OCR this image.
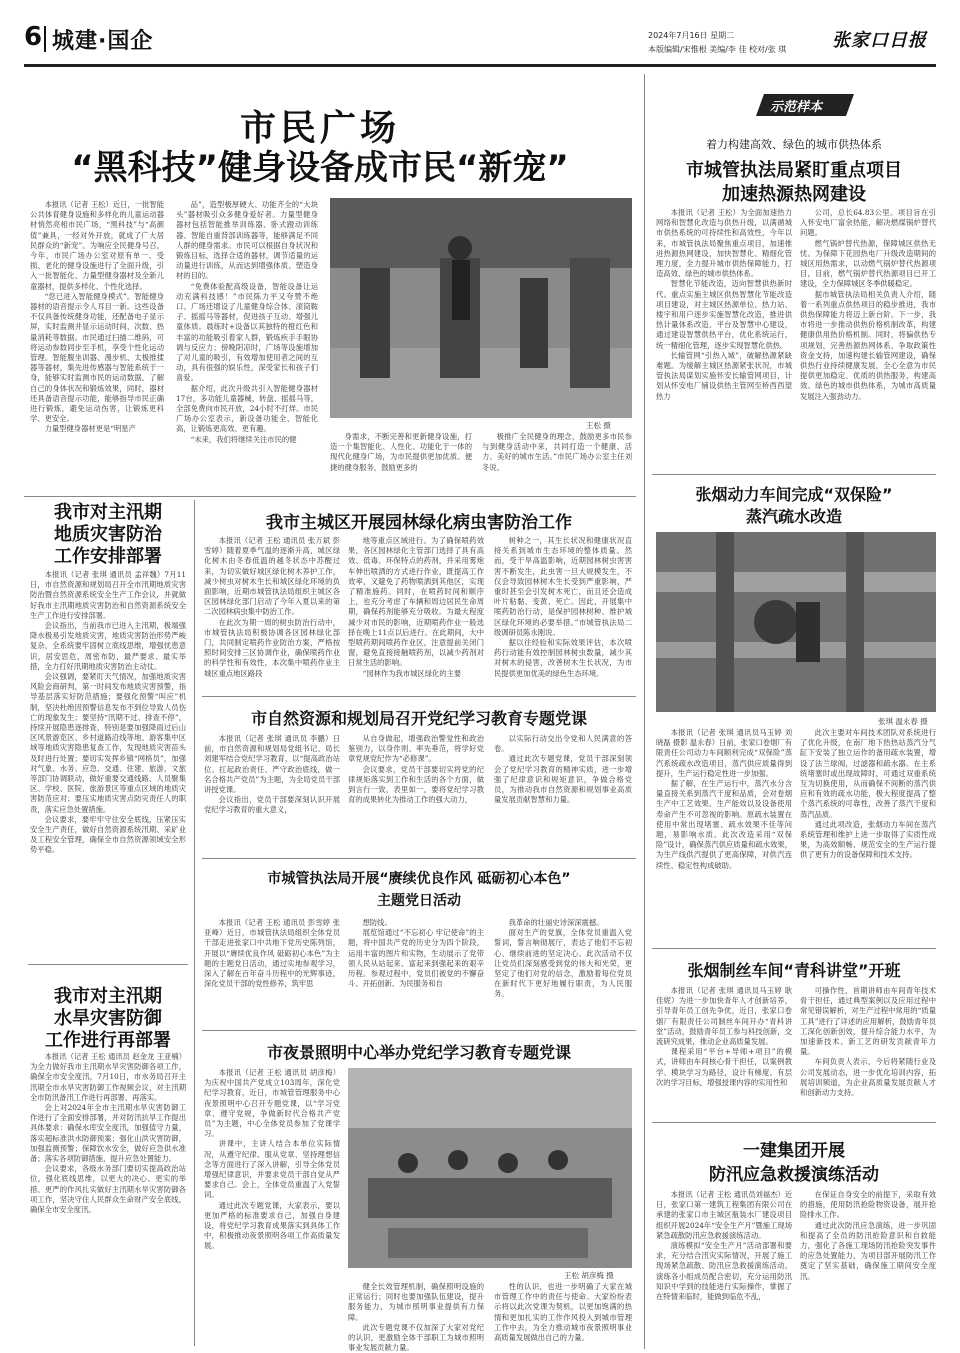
6 城建·国企	2024年7月16日 星期二
本版编辑/宋惟根 美编/李 佳 校对/张 琪	张家口日报
市民广场
“黑科技”健身设备成市民“新宠”

本报讯（记者 王松）近日，一批智能公共体育健身设施和多样化的儿童运动器材悄然亮相市民广场，“黑科技”与“高颜值”兼具，一经对外开放，就成了广大居民群众的“新宠”。为响应全民健身号召，今年，市民广场办公室对原有单一、受损、老化的健身设施进行了全面升级，引入一批智能化、力量型健身器材及全新儿童器材，提供多样化、个性化选择。

“您已进入智能健身模式”。智能健身器材的语音提示令人耳目一新。这些设备不仅具备传统健身功能，还配备电子显示屏，实时监测并显示运动时间、次数、热量消耗等数据。市民通过扫描二维码，可将运动参数同步至手机，享受个性化运动管理。智能腹坐训器、漫步机、太极推揉器等器材，集先进传感器与智能系统于一身，能够实时监测市民的运动数据，了解自己的身体状况和锻炼效果，同时，器材还具备语音提示功能，能够指导市民正确进行锻炼，避免运动伤害，让锻炼更科学、更安全。

力量型健身器材更是“明星产

品”，造型极厚硬大、功能齐全的“大块头”器材吸引众多健身爱好者。力量型健身器材包括智能推举训练器、卧式蹬动训练器、智能自重背部训练器等，能够满足不同人群的健身需求。市民可以根据自身状况和锻炼目标，选择合适的器材，调节适量的运动量进行训练，从而达到增强体质、塑造身材的目的。

“免费体验配高级设备，智能设备让运动充满科技感！”市民陈力平又夸赞不绝口。广场还增设了儿童健身综合体、滚筒鞍子、摇摇马等器材，促进孩子互动、增强儿童体质。晨练时+设备以其独特的橙红色和丰富的功能吸引着家人群，锻炼疾手手眼协调与反应力；傍晚阴凉时，广场等设施增加了对儿童的吸引，有效增加使用者之间的互动，具有很强的娱乐性，深受家长和孩子们喜爱。

据介绍，此次升级共引入智能健身器材17台，多功能儿童器械、转盘、摇摇马等，全部免费向市民开放，24小时不打烊。市民广场办公室表示，新设备功能全、智能化高，让锻炼更高效、更有趣。

“未来，我们将继续关注市民的健

王松 摄

身需求，不断完善和更新健身设施，打造一个集智能化、人性化、功能化于一体的现代化健身广场，为市民提供更加优质、便捷的健身服务，鼓励更多的

极推广全民健身的理念，鼓励更多市民参与到健身活动中来，共同打造一个健康、活力、美好的城市生活。”市民广场办公室主任刘冬说。

示范样本
着力构建高效、绿色的城市供热体系
市城管执法局紧盯重点项目
加速热源热网建设

本报讯（记者 王松）为全面加速热力网络和智慧化改造与供热升级，以满循城市供热系统的可持续性和高效性，今年以来，市城管执法局聚焦重点项目，加速推进热源热网建设，加快智慧化、精细化管理力度，全力提升城市供热保障能力，打造高效、绿色的城市供热体系。

智慧化节能改造，迈向智慧供热新时代。重点实施主城区供热智慧化节能改造项目建设，对主城区热源单位、热力站、楼宇和用户逐步实施智慧化改造，推进供热计量体系改造、平台及智慧中心建设，通过建设智慧供热平台，优化系统运行，统一精细化管理，逐步实现智慧化供热。

长输管网“引热入城”，破解热源紧缺难题。为缓解主城区热源紧张状况，市城管执法局谋划实施怀安长输管网项目，计划从怀安电厂铺设供热主管网至桥西西望热力

公司，总长64.83公里。项目旨在引入怀安电厂富余热能，解决燃煤锅炉替代问题。

燃气锅炉替代热源，保障城区供热无忧。为保障下花园热电厂升级改造期间的城区用热需求，以动燃气锅炉替代热源项目，目前，燃气锅炉替代热源项目已开工建设，全力保障城区冬季供暖稳定。

据市城管执法局相关负责人介绍，随着一系列重点供热项目的稳步推进，我市供热保障能力将迈上新台阶。下一步，我市将进一步推动供热价格机制改革，构建健康供用热价格机制。同时，将偏供热专项规划，完善热源热网体系，争取政策性资金支持，加速构建长输管网建设，确保供热行业持续健康发展，全心全意为市民提供更加稳定、优质的供热服务，构建高效、绿色的城市供热体系，为城市高质量发展注入强劲动力。

张烟动力车间完成“双保险”
蒸汽疏水改造
张琪 温永春 摄

本报讯（记者 张琪 通讯员马玉婷 刘晓磊 摄影 温永春）日前，张家口卷烟厂有限责任公司动力车间顺利完成“双保险”蒸汽系统疏水改造项目，蒸汽供应质量得到提升，生产运行稳定性进一步加强。

据了解，在生产运行中，蒸汽水分含量直接关系到蒸汽干度和品质，会对卷烟生产中工艺效果、生产能效以及设备使用寿命产生不可忽视的影响。原疏水装置在使用中常出现堵塞、疏水效果不佳等问题，易影响水质。此次改造采用“双保险”设计，确保蒸汽供应质量和疏水效果，为生产线供汽提供了更高保障，对供汽连续性、稳定性构成破助。

此次主要对车间技术团队对系统进行了优化升级，在南厂地下热热站蒸汽分气缸下安装了独立运作的备用疏水装置，增设了法兰球阀，过滤器和疏水器。在主系统堵塞时或出现故障时，可通过双重系统互为切换使用，从而确保不间断的蒸汽供应和有效的疏水功能，极大程度提高了整个蒸汽系统的可靠性，改善了蒸汽干度和蒸汽品质。

通过此项改造，张烟动力车间在蒸汽系统管理和维护上进一步取得了实质性成果，为高效顺畅、规范安全的生产运行提供了更有力的设备保障和技术支持。

张烟制丝车间“青科讲堂”开班

本报讯（记者 张琪 通讯员马玉婷 耿佳妮）为进一步加快青年人才创新培养，引导青年员工创先争优，近日，张家口卷烟厂有限责任公司制丝车间开办“青科讲堂”活动，鼓励青年员工参与科技创新，交流研究成果，推动企业高质量发展。

课程采用“平台+导师+项目”的模式，讲师由车间核心骨干担任，以案例教学、模块学习为路径，设计有梯度、有层次的学习目标，增强授课内容的实用性和

可操作性，首期讲师由车间青年技术骨干担任，通过典型案例以及应用过程中常见错误解析，对生产过程中常用的“质量工具”进行了详述的应用解析，鼓励青年员工深化创新创效，提升综合能力水平，为加速新技术、新工艺的研发贡献青年力量。

车间负责人表示，今后将紧随行业及公司发展动态，进一步优化培训内容，拓展培训频道，为企业高质量发展贡献人才和创新动力支持。

一建集团开展
防汛应急救援演练活动

本报讯（记者 王松 通讯员刘福杰）近日，张家口第一建筑工程集团有限公司在承建的张家口市主城区瓶装水厂建设项目组织开展2024年“安全生产月”暨施工现场紧急疏散防汛应急救援演练活动。

演练模拟“安全生产月”活动部署和要求，充分结合汛灾实际情况，开展了施工现场紧急疏散、防汛应急救援演练活动。演练各小组成员配合密切，充分运用防汛知识中学到的技能进行实际操作，掌握了在特情来临时，能做到临危不乱，

在保证自身安全的前提下，采取有效的措施，使用防汛抢险物资设备，展开抢险排水工作。

通过此次防汛应急演练，进一步巩固和提高了全员的防汛抢险意识和自救能力，强化了各施工现场防汛抢险突发事件的应急处置能力，为项目部开展防汛工作奠定了坚实基础，确保施工期间安全度汛。

我市对主汛期
地质灾害防治
工作安排部署

本报讯（记者 张琪 通讯员 孟祥魏）7月11日，市自然资源和规划局召开全市汛期地质灾害防治暨自然资源系统安全生产工作会议，并就做好我市主汛期地质灾害防治和自然资源系统安全生产工作进行安排部署。

会议指出，当前我市已进入主汛期，极端强降水极易引发地质灾害，地质灾害防治形势严峻复杂，全系统要牢固树立底线思维，增强忧患意识，居安思危，周密布防，最严要求、最实举措，全力打好汛期地质灾害防治主动仗。

会议强调，要紧盯天气情况，加强地质灾害风险会商研判，第一时间发布地质灾害预警，指导基层落实好防范措施；要强化预警“叫应”机制，坚决杜绝因预警信息发布不到位导致人员伤亡的现象发生；要坚持“汛期不过、排查不停”，持续开展隐患逐排查，特别是要加强降雨过后山区风景游览区、乡村道路沿线等地、游客集中区域等地质灾害隐患复查工作，发现地质灾害苗头及时进行处置；要切实发挥乡镇“网格员”，加强对气象、水务、应急、交通、住建、旅游、文旅等部门协调联动，做好重要交通线路、人员聚集区、学校、医院、旅游景区等重点区域的地质灾害防范应对；要压实地质灾害点防灾责任人的职责，落实应急处置措施。

会议要求，要牢牢守住安全底线，压紧压实安全生产责任，做好自然资源系统汛期、采矿业及工程安全管理，确保全市自然资源领域安全形势平稳。

我市对主汛期
水旱灾害防御
工作进行再部署

本报讯（记者 王松 通讯员 赵金龙 王亚楠）为全力做好我市主汛期水旱灾害防御各项工作，确保全市安全度汛，7月10日，市水务局召开主汛期全市水旱灾害防御工作视频会议，对主汛期全市防汛备汛工作进行再部署、再落实。

会上对2024年全市主汛期水旱灾害防御工作进行了全面安排部署，并对防汛抗旱工作提出具体要求：确保水库安全度汛，加强值守力量，落实超标准洪水防御预案；强化山洪灾害防御，加强监测预警；保障饮水安全，做好应急供水准备；落实各项防御措施，提升应急处置能力。

会议要求，各级水务部门要切实提高政治站位，强化底线思维，以更大的决心、更实的举措、更严的作风扎实做好主汛期水旱灾害防御各项工作，坚决守住人民群众生命财产安全底线，确保全市安全度汛。

我市主城区开展园林绿化病虫害防治工作

本报讯（记者 王松 通讯员 张万斌 彭雪婷）随着夏季气温的逐渐升高，城区绿化树木由冬春低温的越冬状态中苏醒过来，为切实做好城区绿化树木养护工作，减少树虫对树木生长和城区绿化环境的负面影响，近期市城管执法局组织主城区各区园林绿化部门启动了今年入夏以来的第二次园林病虫集中防治工作。

在此次为期一周的树虫防治行动中，市城管执法局积极协调各区园林绿化部门，共同制定喷药作业防治方案，严格按照时间安排三区协调作业，确保喷药作业的科学性和有效性，本次集中喷药作业主城区重点地区路段

地等重点区域进行。为了确保喷药效果，各区园林绿化主管部门选择了具有高效、低毒、环保特点的药剂，并采用雾炮车伸出喷洒的方式进行作业，既提高工作效率，又避免了药物喷洒到其他区，实现了精准施药。同时，在喷药时间和顺序上，也充分考虑了车辆和周边居民生命周期，确保药剂能够充分吸收。为最大程度减少对市民的影响，近期喷药作业一般选择在晚上11点以后进行。在此期间，大中型喷药期间喷药作业区，注意提前关闭门窗，避免直接接触喷药剂，以减少药剂对日常生活的影响。

“园林作为我市城区绿化的主要

树种之一，其生长状况和健康状况直接关系到城市生态环境的整体质量。然而，受干旱高温影响，近期园林树虫害害害不断发生，此虫害一旦大规模发生，不仅会导致园林树木生长受到严重影响，严重时甚至会引发树木死亡，而且还会造成叶片粘黏、变黄、死亡。因此，开展集中喷药防治行动，是保护园林树种、维护城区绿化环境的必要举措。”市城管执法局二级调研员陈永刚说。

据以往经验和实际效果评估，本次喷药行动能有效控制园林树虫数量，减少其对树木的侵害，改善树木生长状况，为市民提供更加优美的绿色生态环境。

市自然资源和规划局召开党纪学习教育专题党课

本报讯（记者 张琪 通讯员 李鹏）日前，市自然资源和规划局党组书记、局长刘建军结合党纪学习教育，以“提高政治站位、扛起政治责任、严守政治底线，做一名合格共产党员”为主题，为全局党员干部讲授党课。

会议指出，党员干部要深刻认识开展党纪学习教育的重大意义，

从自身做起，增强政治警觉性和政治鉴别力，以身作则、率先垂范，将学好党章党规党纪作为“必修课”。

会议要求，党员干部要切实将党的纪律规矩落实到工作和生活的各个方面，做到言行一致，表里如一，要将党纪学习教育的成果转化为推动工作的强大动力，

以实际行动交出令党和人民满意的答卷。

通过此次专题党课，党员干部深刻领会了党纪学习教育的精神实质，进一步增强了纪律意识和规矩意识，争做合格党员，为推动我市自然资源和规划事业高质量发展贡献智慧和力量。

市城管执法局开展“赓续优良作风 砥砺初心本色”
主题党日活动

本报讯（记者 王松 通讯员 彭雪婷 张亚峰）近日，市城管执法局组织全体党员干部走进张家口中共地下党历史陈列馆，开展以“赓续优良作风 砥砺初心本色”为主题的主题党日活动，通过实地参观学习，深入了解在百年奋斗历程中的光辉事迹，深化党员干部的党性修养，筑牢思

想防线。

展览馆通过“不忘初心 牢记使命”的主题，将中国共产党的历史分为四个阶段，运用丰富的图片和实物，生动展示了党带领人民从站起来、富起来到强起来的艰辛历程。参观过程中，党员们被党的不懈奋斗、开拓创新、为民服务和自

我革命的壮丽史诗深深震撼。

面对生产的党旗，全体党员重温入党誓词，誓言响彻展厅，表达了他们不忘初心、继续前进的坚定决心。此次活动不仅让党员们深刻感受到党的伟大和光荣，更坚定了他们对党的信念，激励着每位党员在新时代下更好地履行职责，为人民服务。

市夜景照明中心举办党纪学习教育专题党课

本报讯（记者 王松 通讯员 胡彦梅）为庆祝中国共产党成立103周年，深化党纪学习教育，近日，市城管管理服务中心夜景照明中心召开专题党课，以“学习党章、遵守党规，争做新时代合格共产党员”为主题，中心全体党员参加了党课学习。

讲课中，主讲人结合本单位实际情况，从遵守纪律、服从党章、坚持理想信念等方面进行了深入讲解，引导全体党员增强纪律意识，并要求党员干部自觉从严要求自己。会上，全体党员重温了入党誓词。

通过此次专题党课，大家表示，要以更加严格的标准要求自己，加强自身建设，将党纪学习教育成果落实到具体工作中，积极推动夜景照明各项工作高质量发展。

王松 胡彦梅 摄

健全长效管理机制，确保照明设施的正常运行；同时也要加强队伍建设，提升服务能力，为城市照明事业提供有力保障。

此次专题党课不仅加深了大家对党纪的认识，更激励全体干部职工为城市照明事业发展贡献力量。

性的认识，也进一步明确了大家在城市管理工作中的责任与使命。大家纷纷表示将以此次党课为契机，以更加饱满的热情和更加扎实的工作作风投入到城市管理工作中去，为全力推动城市夜景照明事业高质量发展做出自己的力量。
